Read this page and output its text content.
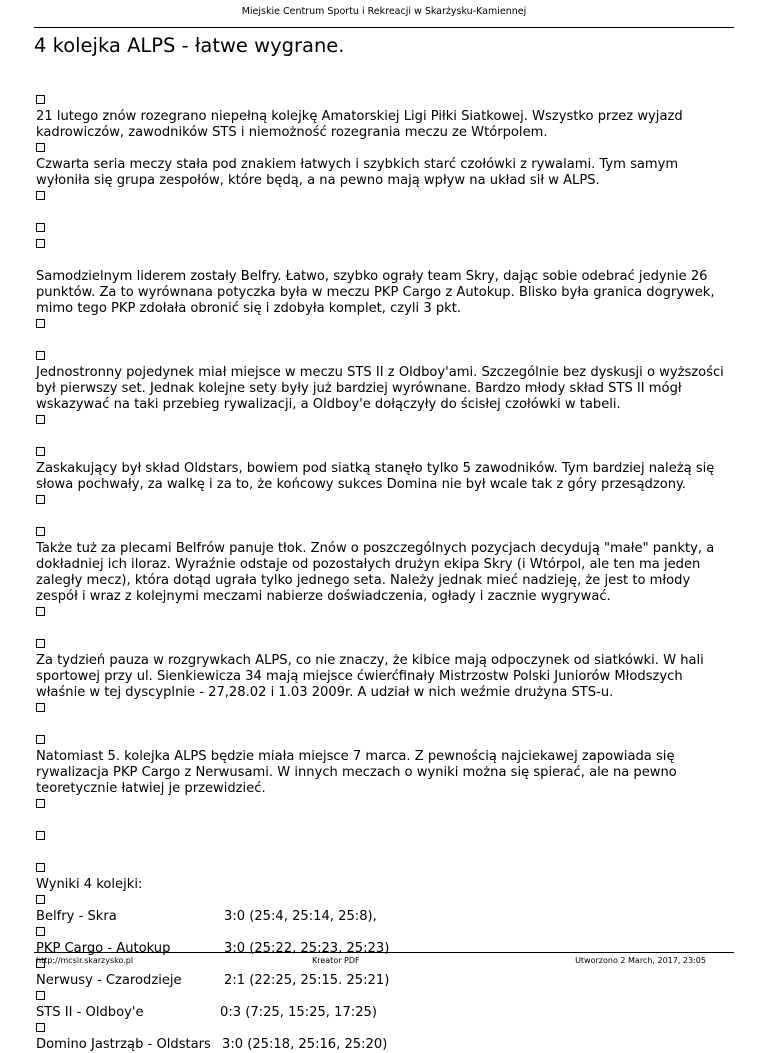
Miejskie Centrum Sportu i Rekreacji w Skarżysku-Kamiennej
4 kolejka ALPS - łatwe wygrane.
21 lutego znów rozegrano niepełną kolejkę Amatorskiej Ligi Piłki Siatkowej. Wszystko przez wyjazd
kadrowiczów, zawodników STS i niemożność rozegrania meczu ze Wtórpolem.
Czwarta seria meczy stała pod znakiem łatwych i szybkich starć czołówki z rywalami. Tym samym
wyłoniła się grupa zespołów, które będą, a na pewno mają wpływ na układ sił w ALPS.
Samodzielnym liderem zostały Belfry. Łatwo, szybko ograły team Skry, dając sobie odebrać jedynie 26
punktów. Za to wyrównana potyczka była w meczu PKP Cargo z Autokup. Blisko była granica dogrywek,
mimo tego PKP zdołała obronić się i zdobyła komplet, czyli 3 pkt.
Jednostronny pojedynek miał miejsce w meczu STS II z Oldboy'ami. Szczególnie bez dyskusji o wyższości
był pierwszy set. Jednak kolejne sety były już bardziej wyrównane. Bardzo młody skład STS II mógł
wskazywać na taki przebieg rywalizacji, a Oldboy'e dołączyły do ścisłej czołówki w tabeli.
Zaskakujący był skład Oldstars, bowiem pod siatką stanęło tylko 5 zawodników. Tym bardziej należą się
słowa pochwały, za walkę i za to, że końcowy sukces Domina nie był wcale tak z góry przesądzony.
Także tuż za plecami Belfrów panuje tłok. Znów o poszczególnych pozycjach decydują "małe" pankty, a
dokładniej ich iloraz. Wyraźnie odstaje od pozostałych drużyn ekipa Skry (i Wtórpol, ale ten ma jeden
zaległy mecz), która dotąd ugrała tylko jednego seta. Należy jednak mieć nadzieję, że jest to młody
zespół i wraz z kolejnymi meczami nabierze doświadczenia, ogłady i zacznie wygrywać.
Za tydzień pauza w rozgrywkach ALPS, co nie znaczy, że kibice mają odpoczynek od siatkówki. W hali
sportowej przy ul. Sienkiewicza 34 mają miejsce ćwierćfinały Mistrzostw Polski Juniorów Młodszych
właśnie w tej dyscyplnie - 27,28.02 i 1.03 2009r. A udział w nich weźmie drużyna STS-u.
Natomiast 5. kolejka ALPS będzie miała miejsce 7 marca. Z pewnością najciekawej zapowiada się
rywalizacja PKP Cargo z Nerwusami. W innych meczach o wyniki można się spierać, ale na pewno
teoretycznie łatwiej je przewidzieć.
Wyniki 4 kolejki:
Belfry - Skra	3:0 (25:4, 25:14, 25:8),
PKP Cargo - Autokup	3:0 (25:22, 25:23, 25:23)
Nerwusy - Czarodzieje	2:1 (22:25, 25:15. 25:21)
STS II - Oldboy'e	0:3 (7:25, 15:25, 17:25)
Domino Jastrząb - Oldstars 3:0 (25:18, 25:16, 25:20)
http://mcsir.skarzysko.pl	Kreator PDF	Utworzono 2 March, 2017, 23:05
